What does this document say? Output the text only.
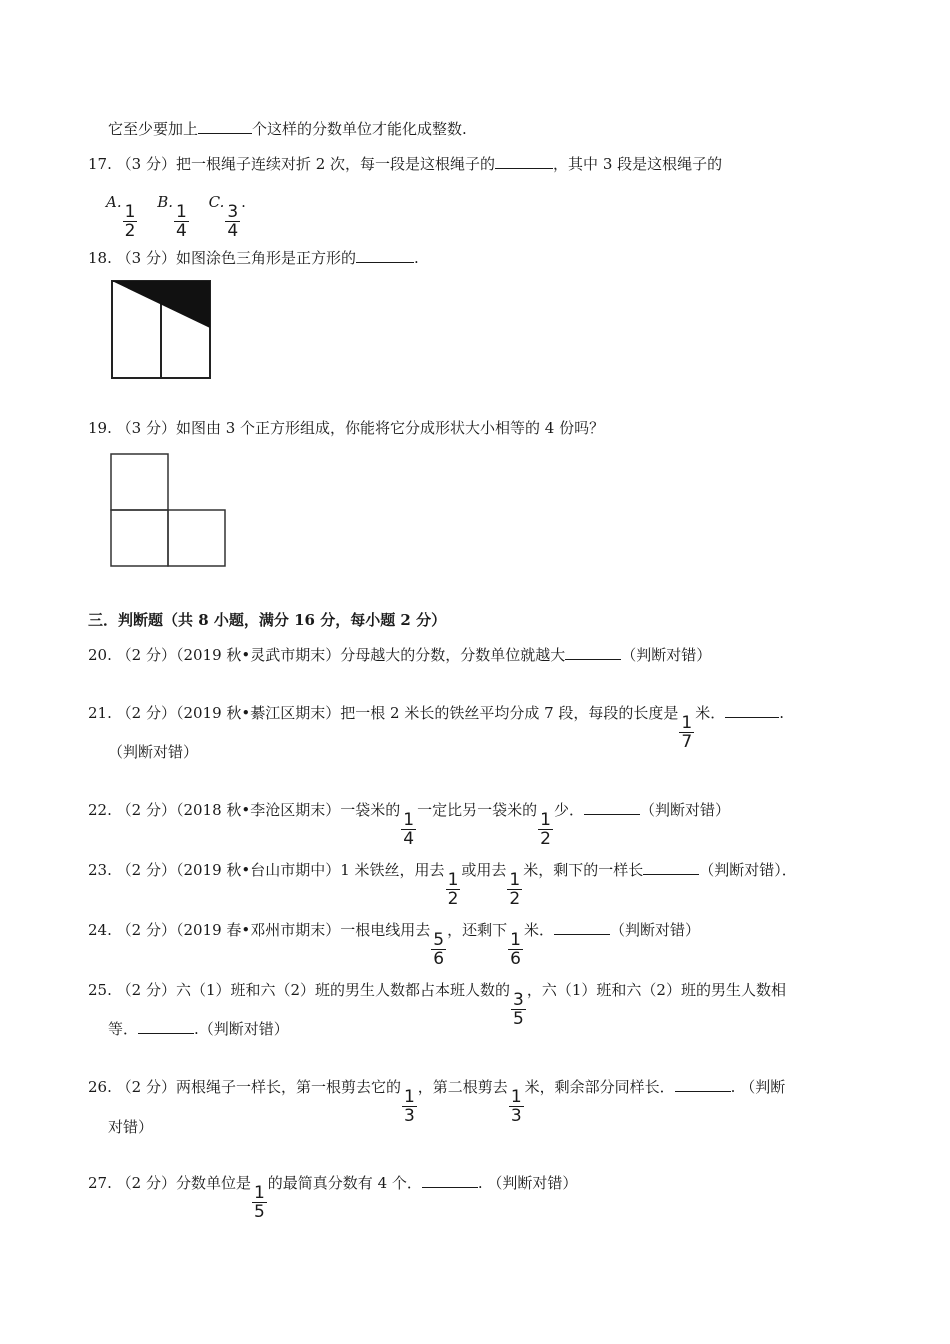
它至少要加上	个这样的分数单位才能化成整数.
17. （3 分）把一根绳子连续对折 2 次，每一段是这根绳子的	，其中 3 段是这根绳子的
A.
$\frac{1}{2}$
B.
$\frac{1}{4}$
C.
$\frac{3}{4}$
.
18. （3 分）如图涂色三角形是正方形的	.
19. （3 分）如图由 3 个正方形组成，你能将它分成形状大小相等的 4 份吗？
三．判断题（共 8 小题，满分 16 分，每小题 2 分）
20. （2 分）（2019 秋•灵武市期末）分母越大的分数，分数单位就越大	（判断对错）
21. （2 分）（2019 秋•綦江区期末）把一根 2 米长的铁丝平均分成 7 段，每段的长度是
$\frac{1}{7}$
米．	.
（判断对错）
22. （2 分）（2018 秋•李沧区期末）一袋米的
$\frac{1}{4}$
一定比另一袋米的
$\frac{1}{2}$
少．	（判断对错）
23. （2 分）（2019 秋•台山市期中）1 米铁丝，用去
$\frac{1}{2}$
或用去
$\frac{1}{2}$
米，剩下的一样长	（判断对错）．
24. （2 分）（2019 春•邓州市期末）一根电线用去
$\frac{5}{6}$
，还剩下
$\frac{1}{6}$
米．	（判断对错）
25. （2 分）六（1）班和六（2）班的男生人数都占本班人数的
$\frac{3}{5}$
，六（1）班和六（2）班的男生人数相
等．	.（判断对错）
26. （2 分）两根绳子一样长，第一根剪去它的
$\frac{1}{3}$
，第二根剪去
$\frac{1}{3}$
米，剩余部分同样长．	. （判断
对错）
27. （2 分）分数单位是
$\frac{1}{5}$
的最简真分数有 4 个．	. （判断对错）
